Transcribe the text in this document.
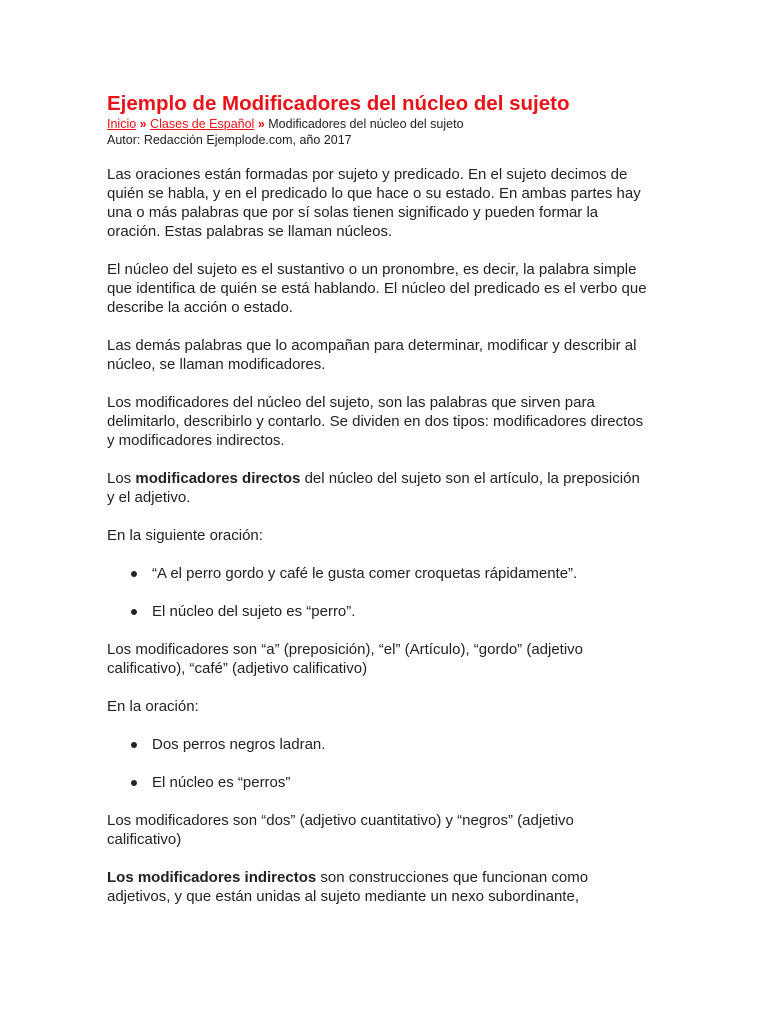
Ejemplo de Modificadores del núcleo del sujeto
Inicio » Clases de Español » Modificadores del núcleo del sujeto
Autor: Redacción Ejemplode.com, año 2017

Las oraciones están formadas por sujeto y predicado. En el sujeto decimos de quién se habla, y en el predicado lo que hace o su estado. En ambas partes hay una o más palabras que por sí solas tienen significado y pueden formar la oración. Estas palabras se llaman núcleos.

El núcleo del sujeto es el sustantivo o un pronombre, es decir, la palabra simple que identifica de quién se está hablando. El núcleo del predicado es el verbo que describe la acción o estado.

Las demás palabras que lo acompañan para determinar, modificar y describir al núcleo, se llaman modificadores.

Los modificadores del núcleo del sujeto, son las palabras que sirven para delimitarlo, describirlo y contarlo. Se dividen en dos tipos: modificadores directos y modificadores indirectos.

Los modificadores directos del núcleo del sujeto son el artículo, la preposición y el adjetivo.

En la siguiente oración:

“A el perro gordo y café le gusta comer croquetas rápidamente”.
El núcleo del sujeto es “perro”.

Los modificadores son “a” (preposición), “el” (Artículo), “gordo” (adjetivo calificativo), “café” (adjetivo calificativo)

En la oración:

Dos perros negros ladran.
El núcleo es “perros”

Los modificadores son “dos” (adjetivo cuantitativo) y “negros” (adjetivo calificativo)

Los modificadores indirectos son construcciones que funcionan como adjetivos, y que están unidas al sujeto mediante un nexo subordinante,
